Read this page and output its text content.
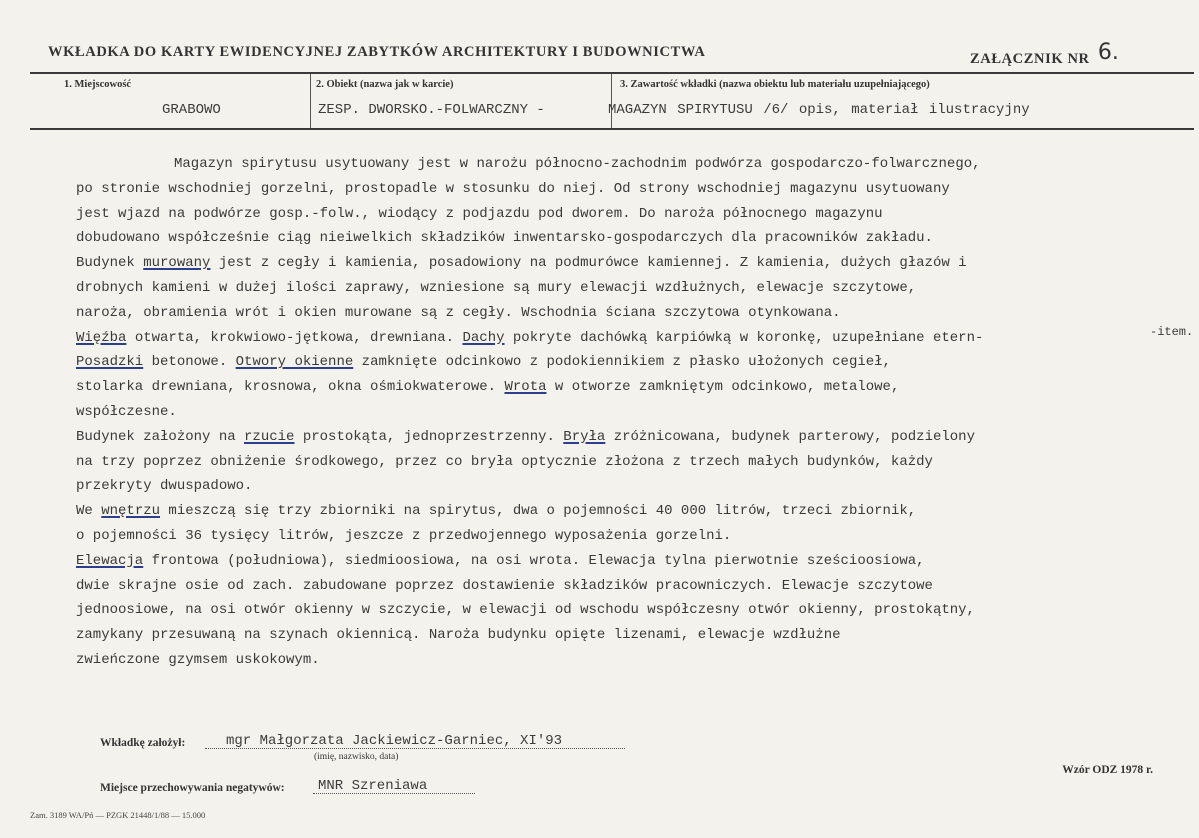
WKŁADKA DO KARTY EWIDENCYJNEJ ZABYTKÓW ARCHITEKTURY I BUDOWNICTWA	ZAŁĄCZNIK NR 6.
1. Miejscowość	2. Obiekt (nazwa jak w karcie)	3. Zawartość wkładki (nazwa obiektu lub materiału uzupełniającego)
GRABOWO	ZESP. DWORSKO.-FOLWARCZNY -	MAGAZYN SPIRYTUSU /6/ opis, materiał ilustracyjny
Magazyn spirytusu usytuowany jest w narożu północno-zachodnim podwórza gospodarczo-folwarcznego,
po stronie wschodniej gorzelni, prostopadle w stosunku do niej. Od strony wschodniej magazynu usytuowany
jest wjazd na podwórze gosp.-folw., wiodący z podjazdu pod dworem. Do naroża północnego magazynu
dobudowano współcześnie ciąg nieiwelkich składzików inwentarsko-gospodarczych dla pracowników zakładu.
Budynek murowany jest z cegły i kamienia, posadowiony na podmurówce kamiennej. Z kamienia, dużych głazów i
drobnych kamieni w dużej ilości zaprawy, wzniesione są mury elewacji wzdłużnych, elewacje szczytowe,
naroża, obramienia wrót i okien murowane są z cegły. Wschodnia ściana szczytowa otynkowana.
Więźba otwarta, krokwiowo-jętkowa, drewniana. Dachy pokryte dachówką karpiówką w koronkę, uzupełniane etern-
Posadzki betonowe. Otwory okienne zamknięte odcinkowo z podokiennikiem z płasko ułożonych cegieł,
stolarka drewniana, krosnowa, okna ośmiokwaterowe. Wrota w otworze zamkniętym odcinkowo, metalowe,
współczesne.
Budynek założony na rzucie prostokąta, jednoprzestrzenny. Bryła zróżnicowana, budynek parterowy, podzielony
na trzy poprzez obniżenie środkowego, przez co bryła optycznie złożona z trzech małych budynków, każdy
przekryty dwuspadowo.
We wnętrzu mieszczą się trzy zbiorniki na spirytus, dwa o pojemności 40 000 litrów, trzeci zbiornik,
o pojemności 36 tysięcy litrów, jeszcze z przedwojennego wyposażenia gorzelni.
Elewacja frontowa (południowa), siedmioosiowa, na osi wrota. Elewacja tylna pierwotnie sześcioosiowa,
dwie skrajne osie od zach. zabudowane poprzez dostawienie składzików pracowniczych. Elewacje szczytowe
jednoosiowe, na osi otwór okienny w szczycie, w elewacji od wschodu współczesny otwór okienny, prostokątny,
zamykany przesuwaną na szynach okiennicą. Naroża budynku opięte lizenami, elewacje wzdłużne
zwieńczone gzymsem uskokowym.
-item.
Wkładkę założył:	mgr Małgorzata Jackiewicz-Garniec, XI'93
(imię, nazwisko, data)
Miejsce przechowywania negatywów: MNR Szreniawa
Wzór ODZ 1978 r.
Zam. 3189 WA/Pń — PZGK 21448/1/88 — 15.000
